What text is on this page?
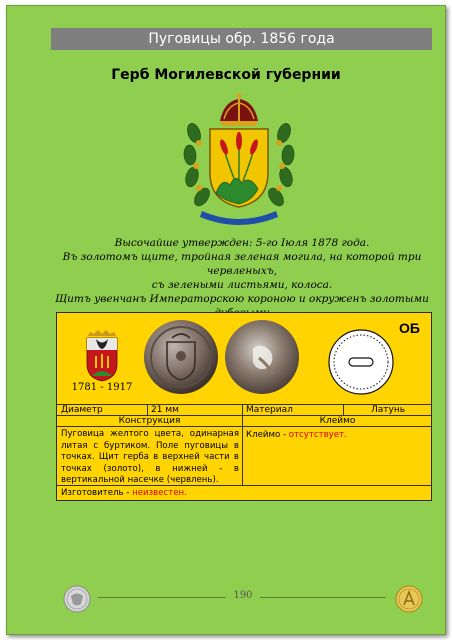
Пуговицы обр. 1856 года
Герб Могилевской губернии

Высочайше утвержден: 5-го Іюля 1878 года.

Въ золотомъ щите, тройная зеленая могила, на которой три червленыхъ,

съ зелеными листьями, колоса.

Щитъ увенчанъ Императорскою короною и окруженъ золотыми

1781 - 1917
ОБ
Диаметр	21 мм	Материал	Латунь
Конструкция	Клеймо
Пуговица желтого цвета, одинарная литая с буртиком. Поле пуговицы в точках. Щит герба в верхней части в точках (золото), в нижней - в вертикальной насечке (червлень).
Клеймо - отсутствует.
Изготовитель - неизвестен.
190
